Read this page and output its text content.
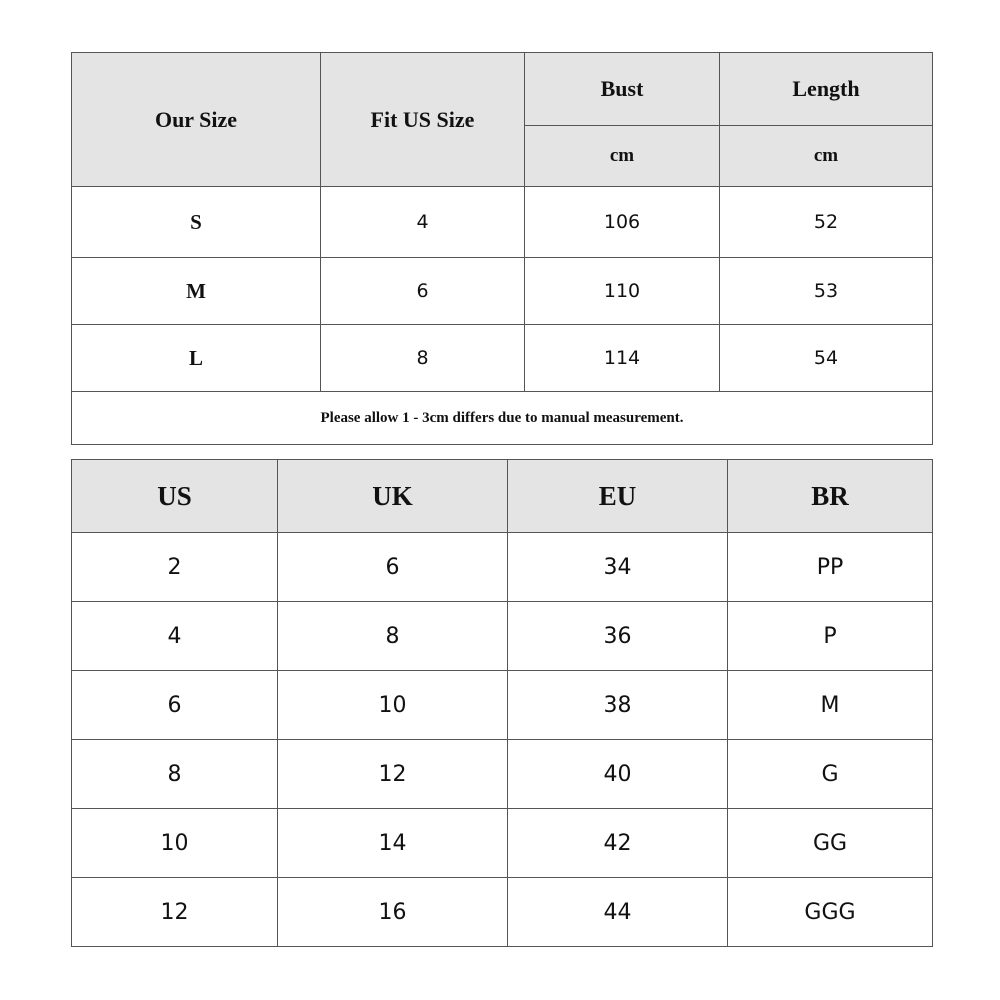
Our Size	Fit US Size	Bust	Length
		cm	cm
S	4	106	52
M	6	110	53
L	8	114	54
Please allow 1 - 3cm differs due to manual measurement.			
US	UK	EU	BR
2	6	34	PP
4	8	36	P
6	10	38	M
8	12	40	G
10	14	42	GG
12	16	44	GGG
